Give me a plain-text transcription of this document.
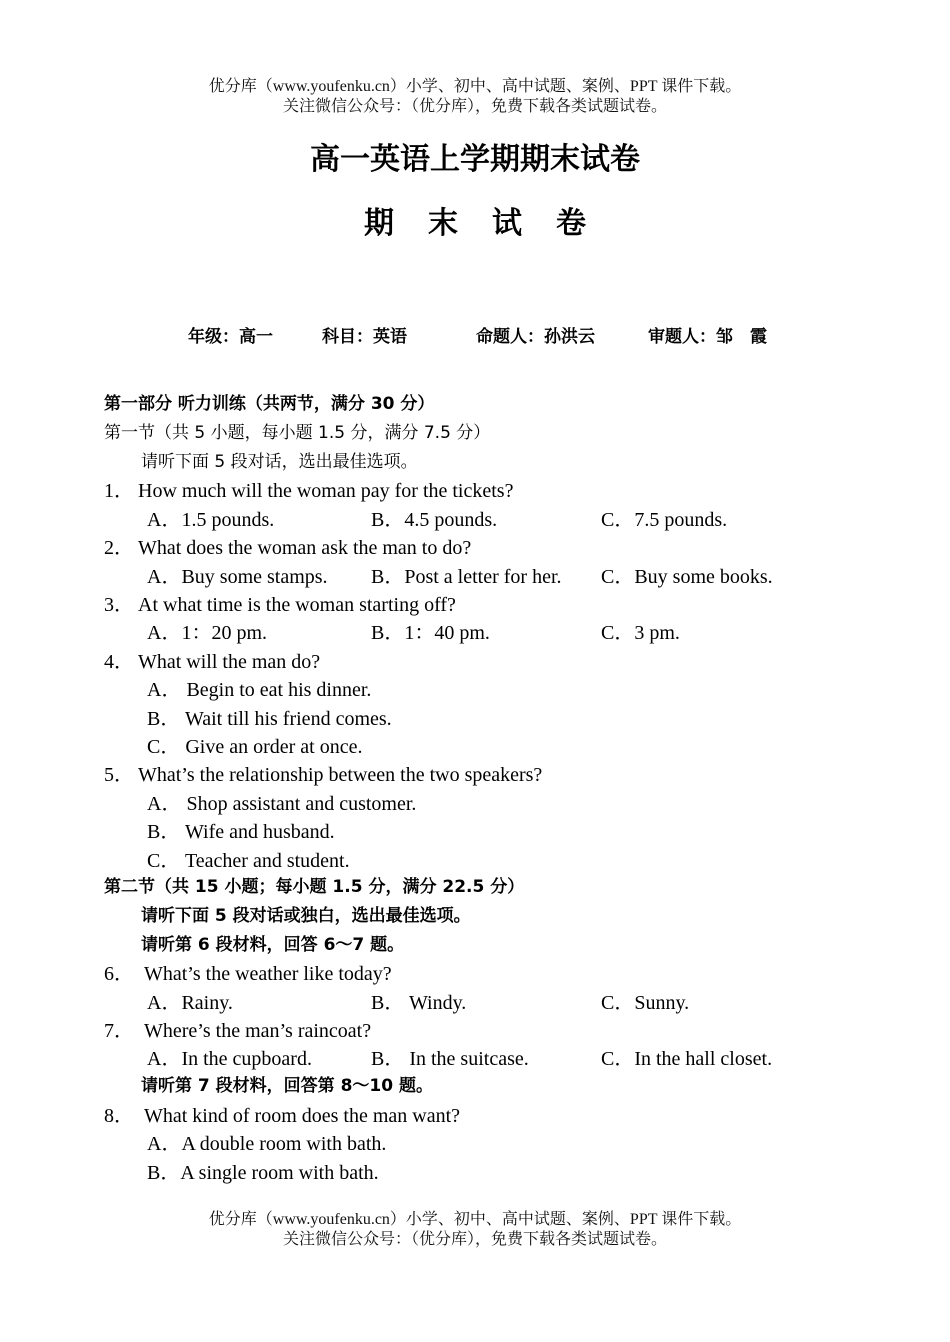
优分库（www.youfenku.cn）小学、初中、高中试题、案例、PPT 课件下载。
关注微信公众号：（优分库），免费下载各类试题试卷。
高一英语上学期期末试卷
期末试卷
年级：高一	科目：英语	命题人：孙洪云	审题人：邹　霞
第一部分 听力训练（共两节，满分 30 分）
第一节（共 5 小题，每小题 1.5 分，满分 7.5 分）
请听下面 5 段对话，选出最佳选项。
1． How much will the woman pay for the tickets?
A．1.5 pounds.	B．4.5 pounds.	C．7.5 pounds.
2． What does the woman ask the man to do?
A．Buy some stamps. B．Post a letter for her. C．Buy some books.
3． At what time is the woman starting off?
A．1：20 pm.	B．1：40 pm.	C．3 pm.
4． What will the man do?
A． Begin to eat his dinner.
B． Wait till his friend comes.
C． Give an order at once.
5． What’s the relationship between the two speakers?
A． Shop assistant and customer.
B． Wife and husband.
C． Teacher and student.
第二节（共 15 小题；每小题 1.5 分，满分 22.5 分）
请听下面 5 段对话或独白，选出最佳选项。
请听第 6 段材料，回答 6～7 题。
6． What’s the weather like today?
A．Rainy.	B． Windy.	C．Sunny.
7． Where’s the man’s raincoat?
A．In the cupboard.	B． In the suitcase.	C．In the hall closet.
请听第 7 段材料，回答第 8～10 题。
8． What kind of room does the man want?
A．A double room with bath.
B．A single room with bath.
优分库（www.youfenku.cn）小学、初中、高中试题、案例、PPT 课件下载。
关注微信公众号：（优分库），免费下载各类试题试卷。
